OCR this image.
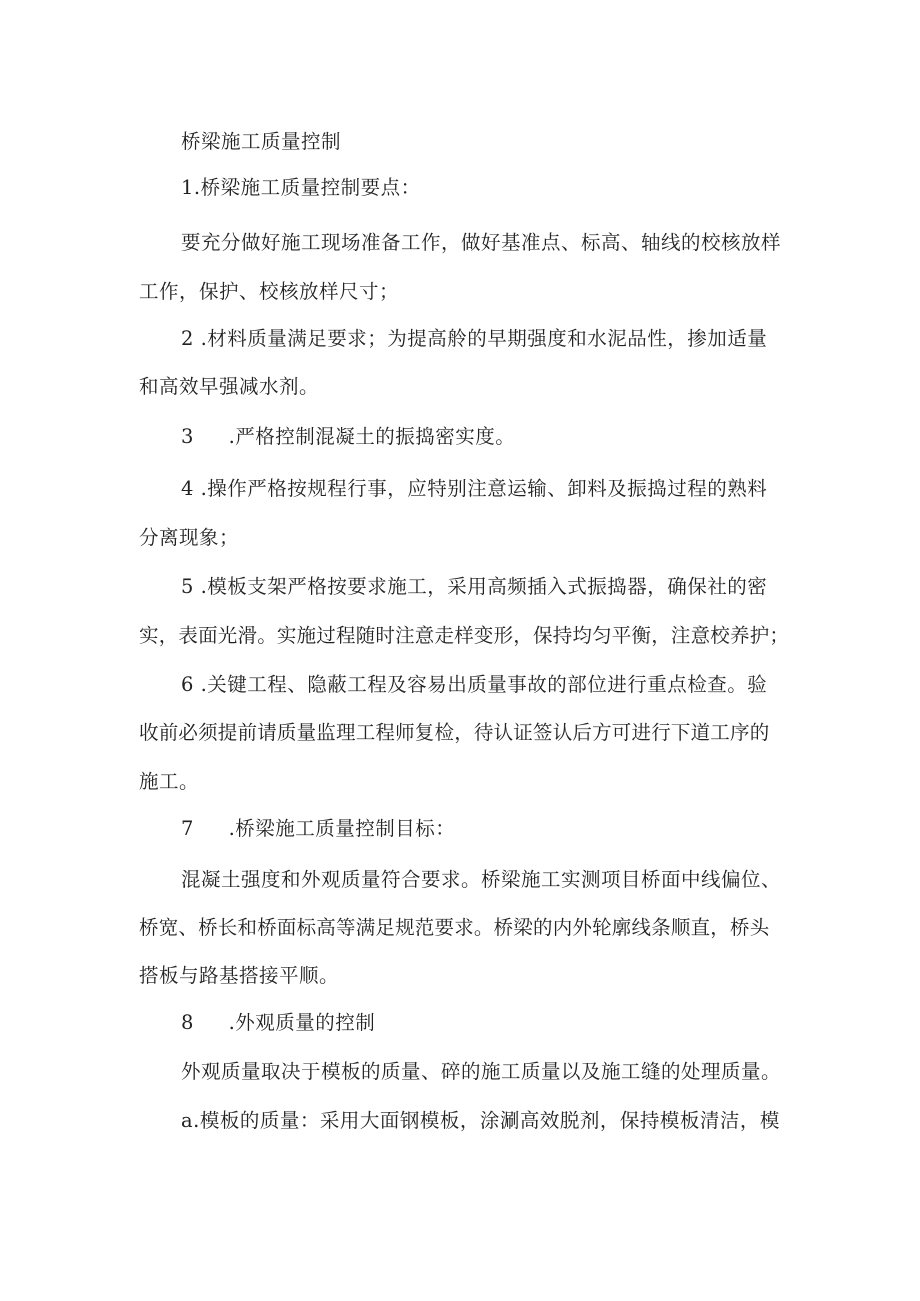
桥梁施工质量控制
1.桥梁施工质量控制要点：
要充分做好施工现场准备工作，做好基准点、标高、轴线的校核放样
工作，保护、校核放样尺寸；
2 .材料质量满足要求；为提高舲的早期强度和水泥品性，掺加适量
和高效早强减水剂。
3 .严格控制混凝土的振捣密实度。
4 .操作严格按规程行事，应特别注意运输、卸料及振捣过程的熟料
分离现象；
5 .模板支架严格按要求施工，采用高频插入式振捣器，确保社的密
实，表面光滑。实施过程随时注意走样变形，保持均匀平衡，注意校养护；
6 .关键工程、隐蔽工程及容易出质量事故的部位进行重点检查。验
收前必须提前请质量监理工程师复检，待认证签认后方可进行下道工序的
施工。
7 .桥梁施工质量控制目标：
混凝土强度和外观质量符合要求。桥梁施工实测项目桥面中线偏位、
桥宽、桥长和桥面标高等满足规范要求。桥梁的内外轮廓线条顺直，桥头
搭板与路基搭接平顺。
8 .外观质量的控制
外观质量取决于模板的质量、碎的施工质量以及施工缝的处理质量。
a.模板的质量：采用大面钢模板，涂涮高效脱剂，保持模板清洁，模
